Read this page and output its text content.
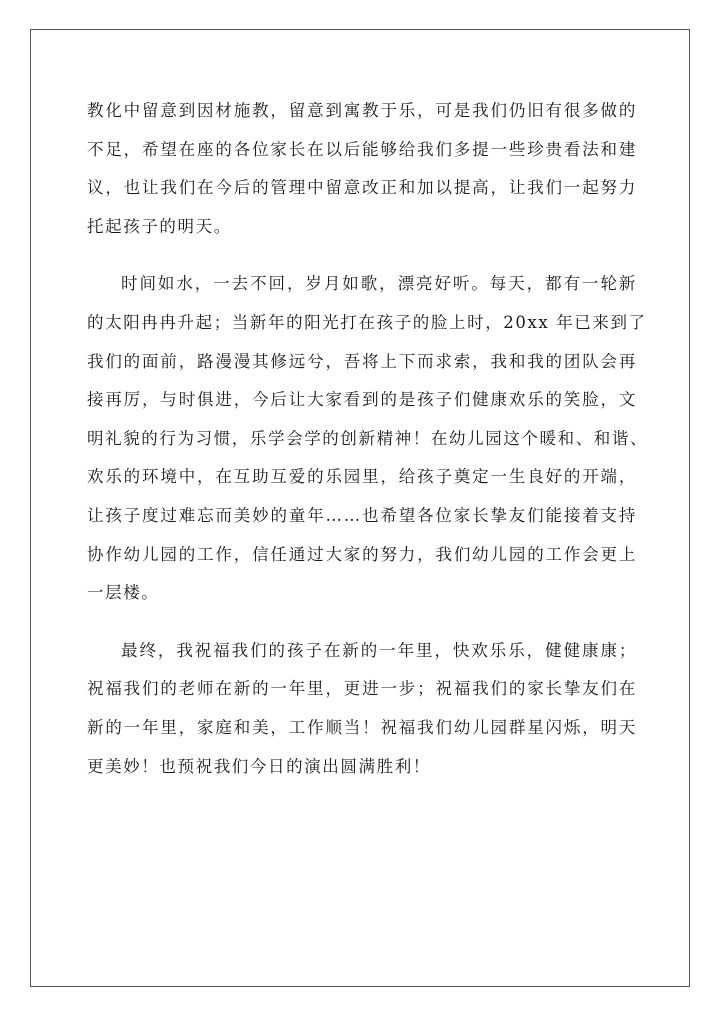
教化中留意到因材施教，留意到寓教于乐，可是我们仍旧有很多做的
不足，希望在座的各位家长在以后能够给我们多提一些珍贵看法和建
议，也让我们在今后的管理中留意改正和加以提高，让我们一起努力
托起孩子的明天。
时间如水，一去不回，岁月如歌，漂亮好听。每天，都有一轮新
的太阳冉冉升起；当新年的阳光打在孩子的脸上时，20xx 年已来到了
我们的面前，路漫漫其修远兮，吾将上下而求索，我和我的团队会再
接再厉，与时俱进，今后让大家看到的是孩子们健康欢乐的笑脸，文
明礼貌的行为习惯，乐学会学的创新精神！在幼儿园这个暖和、和谐、
欢乐的环境中，在互助互爱的乐园里，给孩子奠定一生良好的开端，
让孩子度过难忘而美妙的童年……也希望各位家长挚友们能接着支持
协作幼儿园的工作，信任通过大家的努力，我们幼儿园的工作会更上
一层楼。
最终，我祝福我们的孩子在新的一年里，快欢乐乐，健健康康；
祝福我们的老师在新的一年里，更进一步；祝福我们的家长挚友们在
新的一年里，家庭和美，工作顺当！祝福我们幼儿园群星闪烁，明天
更美妙！也预祝我们今日的演出圆满胜利！
